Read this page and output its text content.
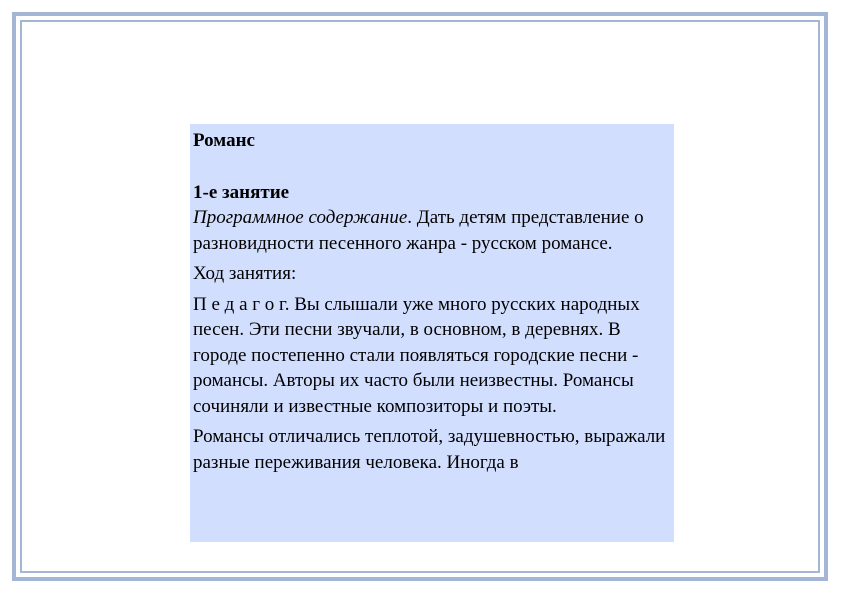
Романс

1-е занятие

Программное содержание. Дать детям представление о разновидности песенного жанра - русском романсе.

Ход занятия:

П е д а г о г. Вы слышали уже много русских народных песен. Эти песни звучали, в основном, в деревнях. В городе постепенно стали появляться городские песни - романсы. Авторы их часто были неизвестны. Романсы сочиняли и известные композиторы и поэты.

Романсы отличались теплотой, задушевностью, выражали разные переживания человека. Иногда в
